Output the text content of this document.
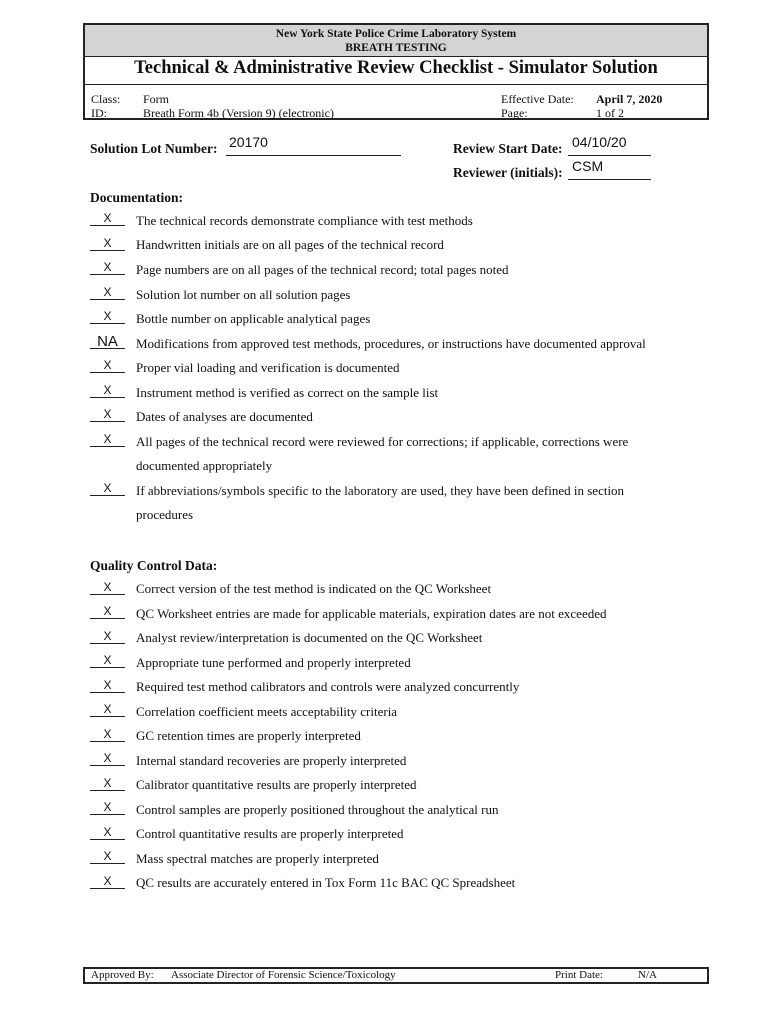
New York State Police Crime Laboratory System
BREATH TESTING
Technical & Administrative Review Checklist - Simulator Solution
Class: Form
ID:	Breath Form 4b (Version 9) (electronic)
Effective Date: April 7, 2020
Page:	1 of 2
Solution Lot Number: 20170	Review Start Date: 04/10/20
Reviewer (initials): CSM
Documentation:
X	The technical records demonstrate compliance with test methods
X	Handwritten initials are on all pages of the technical record
X	Page numbers are on all pages of the technical record; total pages noted
X	Solution lot number on all solution pages
X	Bottle number on applicable analytical pages
NA	Modifications from approved test methods, procedures, or instructions have documented approval
X	Proper vial loading and verification is documented
X	Instrument method is verified as correct on the sample list
X	Dates of analyses are documented
X	All pages of the technical record were reviewed for corrections; if applicable, corrections were documented appropriately
X	If abbreviations/symbols specific to the laboratory are used, they have been defined in section procedures
Quality Control Data:
X	Correct version of the test method is indicated on the QC Worksheet
X	QC Worksheet entries are made for applicable materials, expiration dates are not exceeded
X	Analyst review/interpretation is documented on the QC Worksheet
X	Appropriate tune performed and properly interpreted
X	Required test method calibrators and controls were analyzed concurrently
X	Correlation coefficient meets acceptability criteria
X	GC retention times are properly interpreted
X	Internal standard recoveries are properly interpreted
X	Calibrator quantitative results are properly interpreted
X	Control samples are properly positioned throughout the analytical run
X	Control quantitative results are properly interpreted
X	Mass spectral matches are properly interpreted
X	QC results are accurately entered in Tox Form 11c BAC QC Spreadsheet
Approved By: Associate Director of Forensic Science/Toxicology	Print Date:	N/A
